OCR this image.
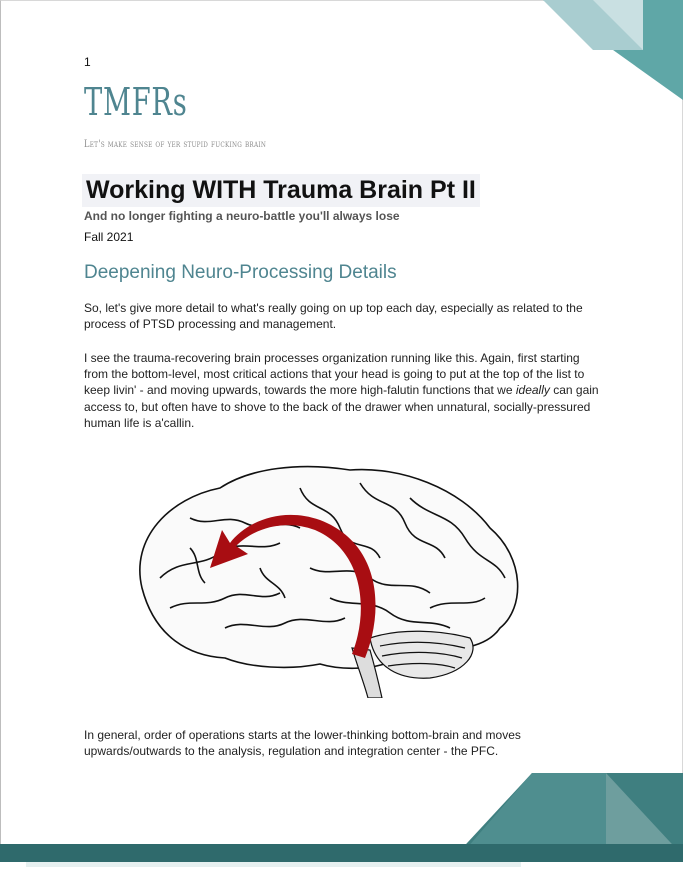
1
TMFRs
Let's make sense of yer stupid fucking brain
Working WITH Trauma Brain Pt II
And no longer fighting a neuro-battle you'll always lose
Fall 2021
Deepening Neuro-Processing Details
So, let's give more detail to what's really going on up top each day, especially as related to the process of PTSD processing and management.
I see the trauma-recovering brain processes organization running like this. Again, first starting from the bottom-level, most critical actions that your head is going to put at the top of the list to keep livin' - and moving upwards, towards the more high-falutin functions that we ideally can gain access to, but often have to shove to the back of the drawer when unnatural, socially-pressured human life is a'callin.
In general, order of operations starts at the lower-thinking bottom-brain and moves upwards/outwards to the analysis, regulation and integration center - the PFC.
